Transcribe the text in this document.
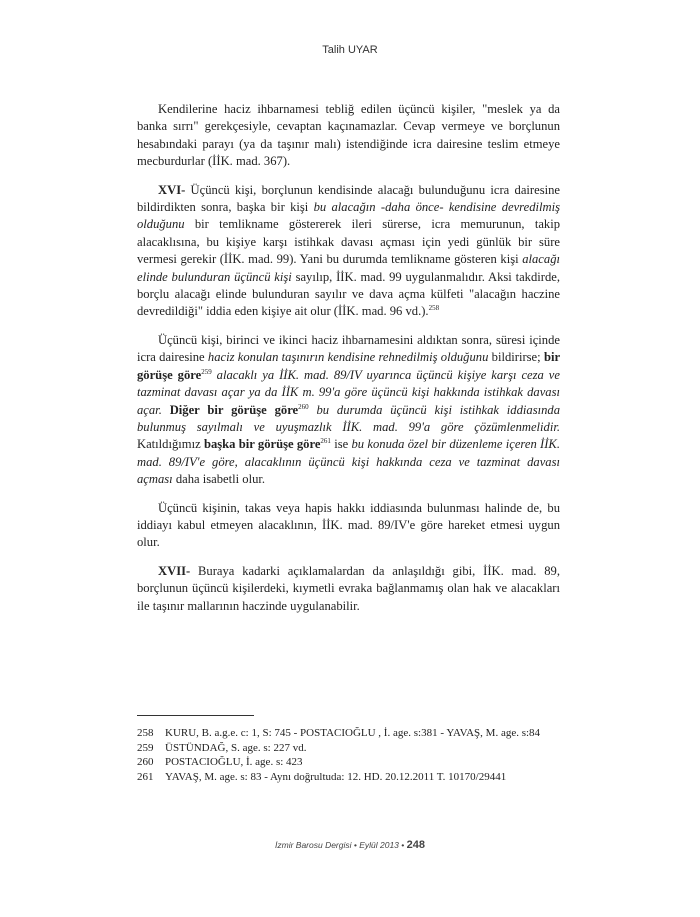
Talih UYAR

Kendilerine haciz ihbarnamesi tebliğ edilen üçüncü kişiler, "meslek ya da banka sırrı" gerekçesiyle, cevaptan kaçınamazlar. Cevap vermeye ve borçlunun hesabındaki parayı (ya da taşınır malı) istendiğinde icra dairesine teslim etmeye mecburdurlar (İİK. mad. 367).

XVI- Üçüncü kişi, borçlunun kendisinde alacağı bulunduğunu icra dairesine bildirdikten sonra, başka bir kişi bu alacağın -daha önce- kendisine devredilmiş olduğunu bir temlikname göstererek ileri sürerse, icra memurunun, takip alacaklısına, bu kişiye karşı istihkak davası açması için yedi günlük bir süre vermesi gerekir (İİK. mad. 99). Yani bu durumda temlikname gösteren kişi alacağı elinde bulunduran üçüncü kişi sayılıp, İİK. mad. 99 uygulanmalıdır. Aksi takdirde, borçlu alacağı elinde bulunduran sayılır ve dava açma külfeti "alacağın haczine devredildiği" iddia eden kişiye ait olur (İİK. mad. 96 vd.).$^{258}$

Üçüncü kişi, birinci ve ikinci haciz ihbarnamesini aldıktan sonra, süresi içinde icra dairesine haciz konulan taşınırın kendisine rehnedilmiş olduğunu bildirirse; bir görüşe göre$^{259}$ alacaklı ya İİK. mad. 89/IV uyarınca üçüncü kişiye karşı ceza ve tazminat davası açar ya da İİK m. 99'a göre üçüncü kişi hakkında istihkak davası açar. Diğer bir görüşe göre$^{260}$ bu durumda üçüncü kişi istihkak iddiasında bulunmuş sayılmalı ve uyuşmazlık İİK. mad. 99'a göre çözümlenmelidir. Katıldığımız başka bir görüşe göre$^{261}$ ise bu konuda özel bir düzenleme içeren İİK. mad. 89/IV'e göre, alacaklının üçüncü kişi hakkında ceza ve tazminat davası açması daha isabetli olur.

Üçüncü kişinin, takas veya hapis hakkı iddiasında bulunması halinde de, bu iddiayı kabul etmeyen alacaklının, İİK. mad. 89/IV'e göre hareket etmesi uygun olur.

XVII- Buraya kadarki açıklamalardan da anlaşıldığı gibi, İİK. mad. 89, borçlunun üçüncü kişilerdeki, kıymetli evraka bağlanmamış olan hak ve alacakları ile taşınır mallarının haczinde uygulanabilir.

258	KURU, B. a.g.e. c: 1, S: 745 - POSTACIOĞLU , İ. age. s:381 - YAVAŞ, M. age. s:84
259	ÜSTÜNDAĞ, S. age. s: 227 vd.
260	POSTACIOĞLU, İ. age. s: 423
261	YAVAŞ, M. age. s: 83 - Aynı doğrultuda: 12. HD. 20.12.2011 T. 10170/29441
İzmir Barosu Dergisi • Eylül 2013 • 248
